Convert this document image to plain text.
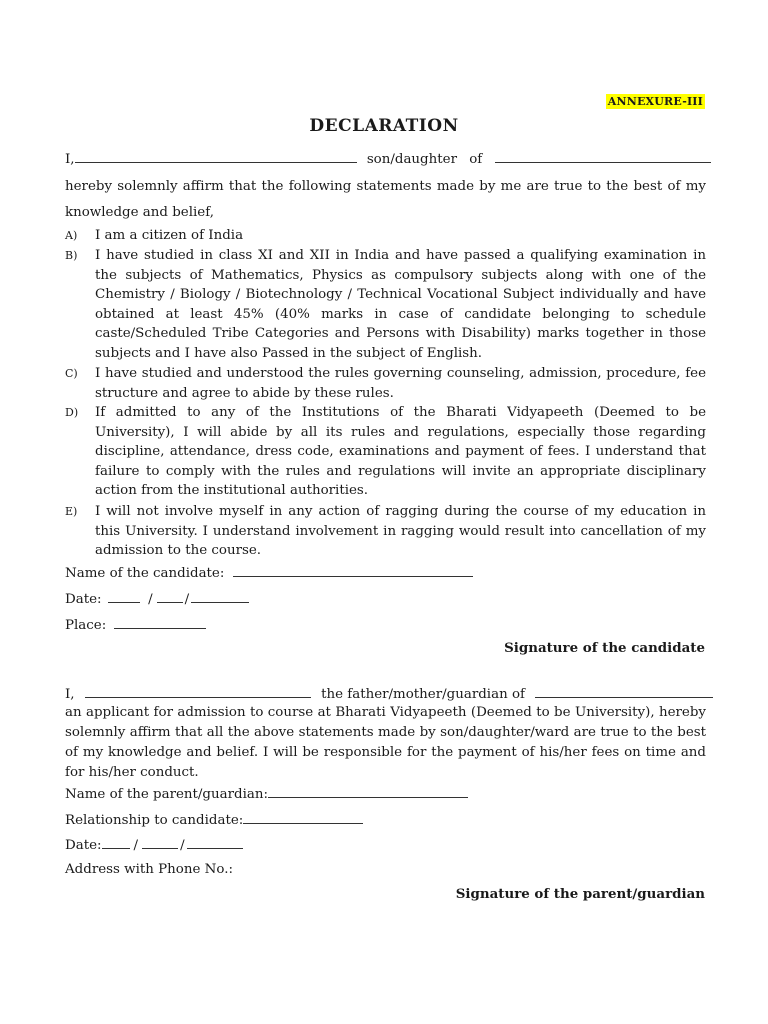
ANNEXURE-III
DECLARATION
I,	son/daughter of
hereby solemnly affirm that the following statements made by me are true to the best of my knowledge and belief,
A)	I am a citizen of India
B)	I have studied in class XI and XII in India and have passed a qualifying examination in the subjects of Mathematics, Physics as compulsory subjects along with one of the Chemistry / Biology / Biotechnology / Technical Vocational Subject individually and have obtained at least 45% (40% marks in case of candidate belonging to schedule caste/Scheduled Tribe Categories and Persons with Disability) marks together in those subjects and I have also Passed in the subject of English.
C)	I have studied and understood the rules governing counseling, admission, procedure, fee structure and agree to abide by these rules.
D)	If admitted to any of the Institutions of the Bharati Vidyapeeth (Deemed to be University), I will abide by all its rules and regulations, especially those regarding discipline, attendance, dress code, examinations and payment of fees. I understand that failure to comply with the rules and regulations will invite an appropriate disciplinary action from the institutional authorities.
E)	I will not involve myself in any action of ragging during the course of my education in this University. I understand involvement in ragging would result into cancellation of my admission to the course.
Name of the candidate:
Date:	/ /
Place:
Signature of the candidate
I,	the father/mother/guardian of
an applicant for admission to course at Bharati Vidyapeeth (Deemed to be University), hereby solemnly affirm that all the above statements made by son/daughter/ward are true to the best of my knowledge and belief. I will be responsible for the payment of his/her fees on time and for his/her conduct.
Name of the parent/guardian:
Relationship to candidate:
Date: /	/
Address with Phone No.:
Signature of the parent/guardian
